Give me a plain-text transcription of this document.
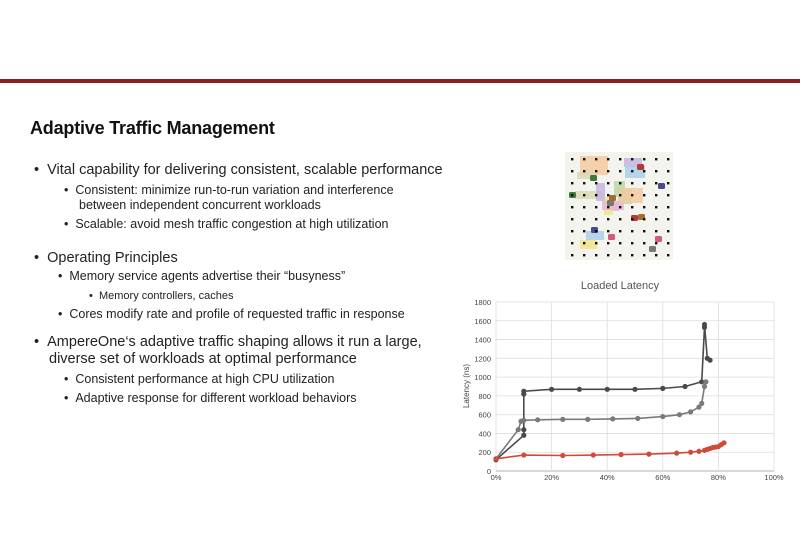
Adaptive Traffic Management
• Vital capability for delivering consistent, scalable performance
• Consistent: minimize run-to-run variation and interference
between independent concurrent workloads
• Scalable: avoid mesh traffic congestion at high utilization
• Operating Principles
• Memory service agents advertise their “busyness”
• Memory controllers, caches
• Cores modify rate and profile of requested traffic in response
• AmpereOne‘s adaptive traffic shaping allows it run a large,
diverse set of workloads at optimal performance
• Consistent performance at high CPU utilization
• Adaptive response for different workload behaviors
Loaded Latency
Latency (ns)
0
200
400
600
800
1000
1200
1400
1600
1800
0%	20%	40%	60%	80%	100%
